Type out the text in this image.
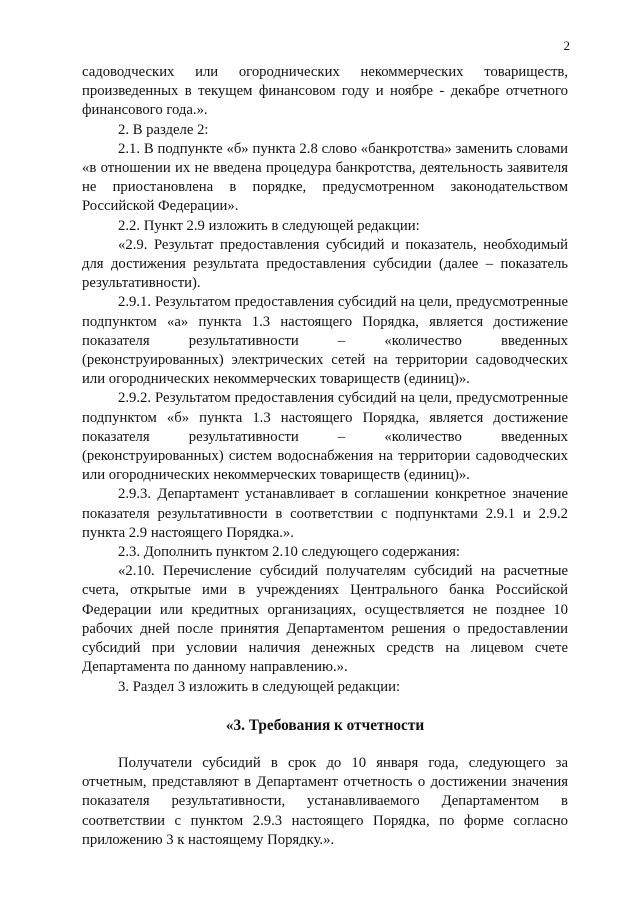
2

садоводческих или огороднических некоммерческих товариществ, произведенных в текущем финансовом году и ноябре - декабре отчетного финансового года.».

2. В разделе 2:

2.1. В подпункте «б» пункта 2.8 слово «банкротства» заменить словами «в отношении их не введена процедура банкротства, деятельность заявителя не приостановлена в порядке, предусмотренном законодательством Российской Федерации».

2.2. Пункт 2.9 изложить в следующей редакции:

«2.9. Результат предоставления субсидий и показатель, необходимый для достижения результата предоставления субсидии (далее – показатель результативности).

2.9.1. Результатом предоставления субсидий на цели, предусмотренные подпунктом «а» пункта 1.3 настоящего Порядка, является достижение показателя результативности – «количество введенных (реконструированных) электрических сетей на территории садоводческих или огороднических некоммерческих товариществ (единиц)».

2.9.2. Результатом предоставления субсидий на цели, предусмотренные подпунктом «б» пункта 1.3 настоящего Порядка, является достижение показателя результативности – «количество введенных (реконструированных) систем водоснабжения на территории садоводческих или огороднических некоммерческих товариществ (единиц)».

2.9.3. Департамент устанавливает в соглашении конкретное значение показателя результативности в соответствии с подпунктами 2.9.1 и 2.9.2 пункта 2.9 настоящего Порядка.».

2.3. Дополнить пунктом 2.10 следующего содержания:

«2.10. Перечисление субсидий получателям субсидий на расчетные счета, открытые ими в учреждениях Центрального банка Российской Федерации или кредитных организациях, осуществляется не позднее 10 рабочих дней после принятия Департаментом решения о предоставлении субсидий при условии наличия денежных средств на лицевом счете Департамента по данному направлению.».

3. Раздел 3 изложить в следующей редакции:

«3. Требования к отчетности

Получатели субсидий в срок до 10 января года, следующего за отчетным, представляют в Департамент отчетность о достижении значения показателя результативности, устанавливаемого Департаментом в соответствии с пунктом 2.9.3 настоящего Порядка, по форме согласно приложению 3 к настоящему Порядку.».
